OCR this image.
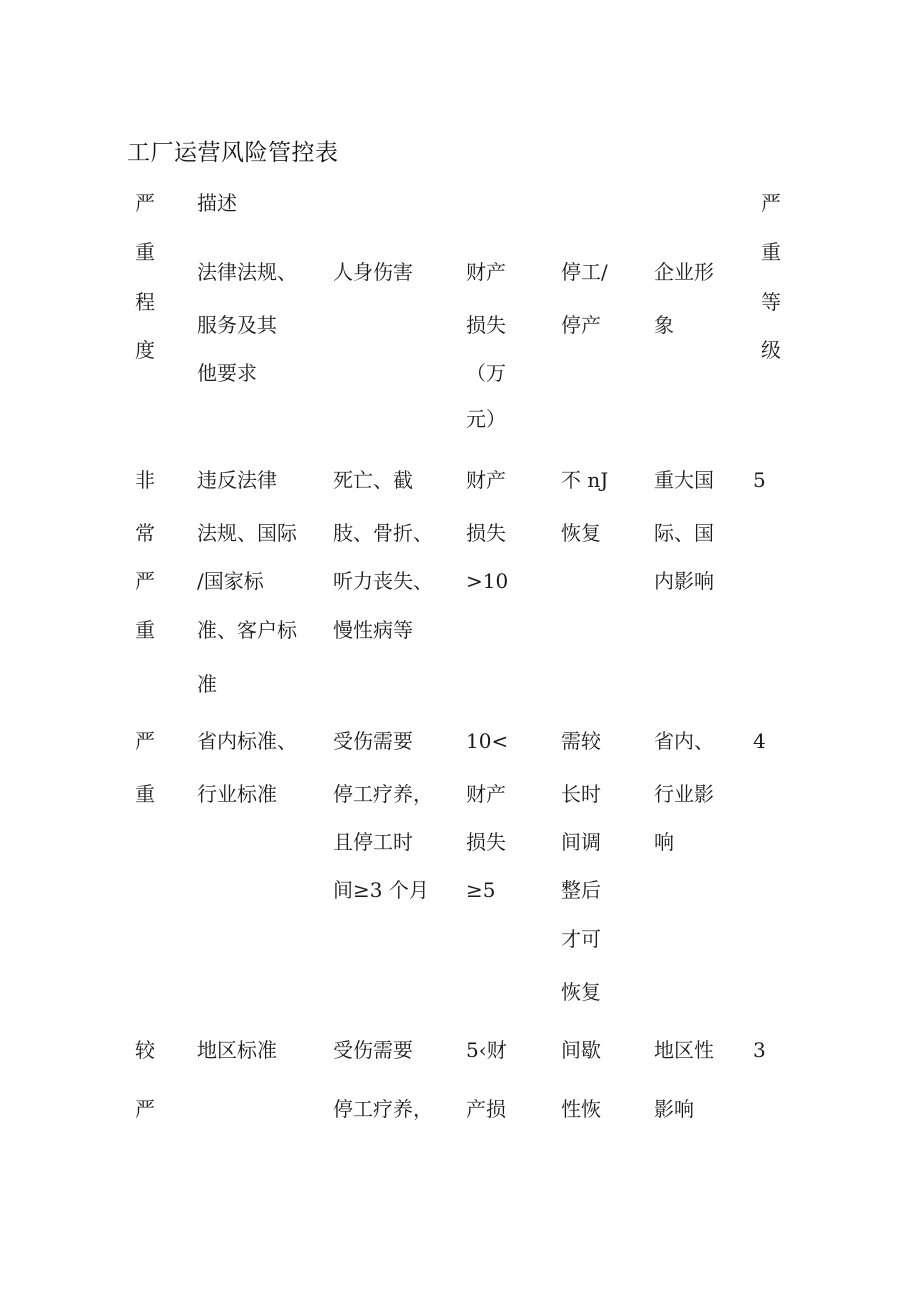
工厂运营风险管控表
严
重
程
度
描述
法律法规、
服务及其
他要求
人身伤害	财产
损失
（万
元）
停工/
停产
企业形
象
严
重
等
级
非
常
严
重
违反法律
法规、国际
/国家标
准、客户标
准
死亡、截
肢、骨折、
听力丧失、
慢性病等
财产
损失
>10
不 nJ
恢复
重大国
际、国
内影响
5
严
重
省内标准、
行业标准
受伤需要
停工疗养，
且停工时
间≥3 个月
10<
财产
损失
≥5
需较
长时
间调
整后
才可
恢复
省内、
行业影
响
4
较
严
地区标准	受伤需要
停工疗养，
5‹财
产损
间歇
性恢
地区性
影响
3
